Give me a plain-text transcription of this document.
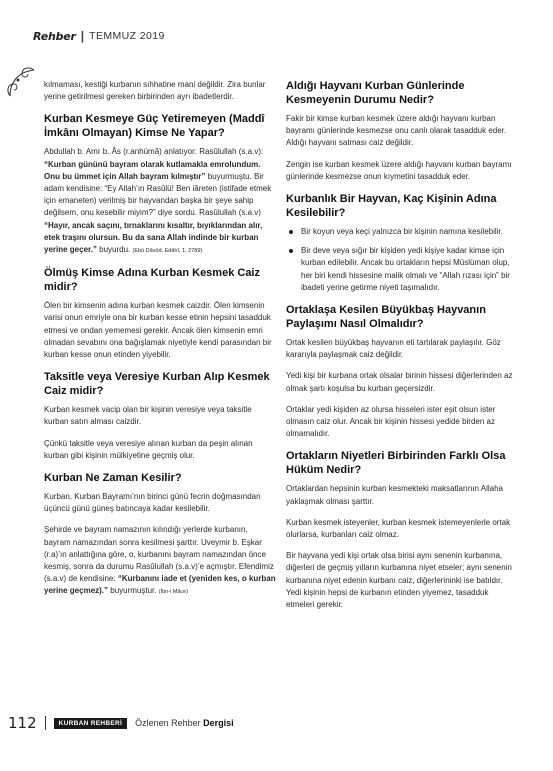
Rehber | TEMMUZ 2019

kılmaması, kestiği kurbanın sıhhatine mani değildir. Zira bunlar yerine getirilmesi gereken birbirinden ayrı ibadetlerdir.

Kurban Kesmeye Güç Yetiremeyen (Maddî İmkânı Olmayan) Kimse Ne Yapar?

Abdullah b. Amr b. Âs (r.anhümâ) anlatıyor: Rasûlullah (s.a.v): “Kurban gününü bayram olarak kutlamakla emrolundum. Onu bu ümmet için Allah bayram kılmıştır” buyurmuştu. Bir adam kendisine: “Ey Allah’ın Rasûlü! Ben iâreten (istifade etmek için emaneten) verilmiş bir hayvandan başka bir şeye sahip değilsem, onu kesebilir miyim?” diye sordu. Rasûlullah (s.a.v) “Hayır, ancak saçını, tırnaklarını kısaltır, bıyıklarından alır, etek traşını olursun. Bu da sana Allah indinde bir kurban yerine geçer.” buyurdu. (Ebû Dâvûd, Edâhî, 1, 2789)

Ölmüş Kimse Adına Kurban Kesmek Caiz midir?

Ölen bir kimsenin adına kurban kesmek caizdir. Ölen kimsenin varisi onun emriyle ona bir kurban kesse etinin hepsini tasadduk etmesi ve ondan yememesi gerekir. Ancak ölen kimsenin emri olmadan sevabını ona bağışlamak niyetiyle kendi parasından bir kurban kesse onun etinden yiyebilir.

Taksitle veya Veresiye Kurban Alıp Kesmek Caiz midir?

Kurban kesmek vacip olan bir kişinin veresiye veya taksitle kurban satın alması caizdir.

Çünkü taksitle veya veresiye alınan kurban da peşin alınan kurban gibi kişinin mülkiyetine geçmiş olur.

Kurban Ne Zaman Kesilir?

Kurban, Kurban Bayramı’nın birinci günü fecrin doğmasından üçüncü günü güneş batıncaya kadar kesilebilir.

Şehirde ve bayram namazının kılındığı yerlerde kurbanın, bayram namazından sonra kesilmesi şarttır. Uveymir b. Eşkar (r.a)’ın anlattığına göre, o, kurbanını bayram namazından önce kesmiş, sonra da durumu Rasûlullah (s.a.v)’e açmıştır. Efendimiz (s.a.v) de kendisine: “Kurbanını iade et (yeniden kes, o kurban yerine geçmez).” buyurmuştur. (İbn-i Mâce)

Aldığı Hayvanı Kurban Günlerinde Kesmeyenin Durumu Nedir?

Fakir bir kimse kurban kesmek üzere aldığı hayvanı kurban bayramı günlerinde kesmezse onu canlı olarak tasadduk eder. Aldığı hayvanı satması caiz değildir.

Zengin ise kurban kesmek üzere aldığı hayvanı kurban bayramı günlerinde kesmezse onun kıymetini tasadduk eder.

Kurbanlık Bir Hayvan, Kaç Kişinin Adına Kesilebilir?
Bir koyun veya keçi yalnızca bir kişinin namına kesilebilir.
Bir deve veya sığır bir kişiden yedi kişiye kadar kimse için kurban edilebilir. Ancak bu ortakların hepsi Müslüman olup, her biri kendi hissesine malik olmalı ve “Allah rızası için” bir ibadeti yerine getirme niyeti taşımalıdır.
Ortaklaşa Kesilen Büyükbaş Hayvanın Paylaşımı Nasıl Olmalıdır?

Ortak kesilen büyükbaş hayvanın eti tartılarak paylaşılır. Göz kararıyla paylaşmak caiz değildir.

Yedi kişi bir kurbana ortak olsalar birinin hissesi diğerlerinden az olmak şartı koşulsa bu kurban geçersizdir.

Ortaklar yedi kişiden az olursa hisseleri ister eşit olsun ister olmasın caiz olur. Ancak bir kişinin hissesi yedide birden az olmamalıdır.

Ortakların Niyetleri Birbirinden Farklı Olsa Hüküm Nedir?

Ortaklardan hepsinin kurban kesmekteki maksatlarının Allaha yaklaşmak olması şarttır.

Kurban kesmek isteyenler, kurban kesmek istemeyenlerle ortak olurlarsa, kurbanları caiz olmaz.

Bir hayvana yedi kişi ortak olsa birisi aynı senenin kurbanına, diğerleri de geçmiş yılların kurbanına niyet etseler; aynı senenin kurbanına niyet edenin kurbanı caiz, diğerlerininki ise batıldır. Yedi kişinin hepsi de kurbanın etinden yiyemez, tasadduk etmeleri gerekir.

112	KURBAN REHBERİ	Özlenen Rehber Dergisi
